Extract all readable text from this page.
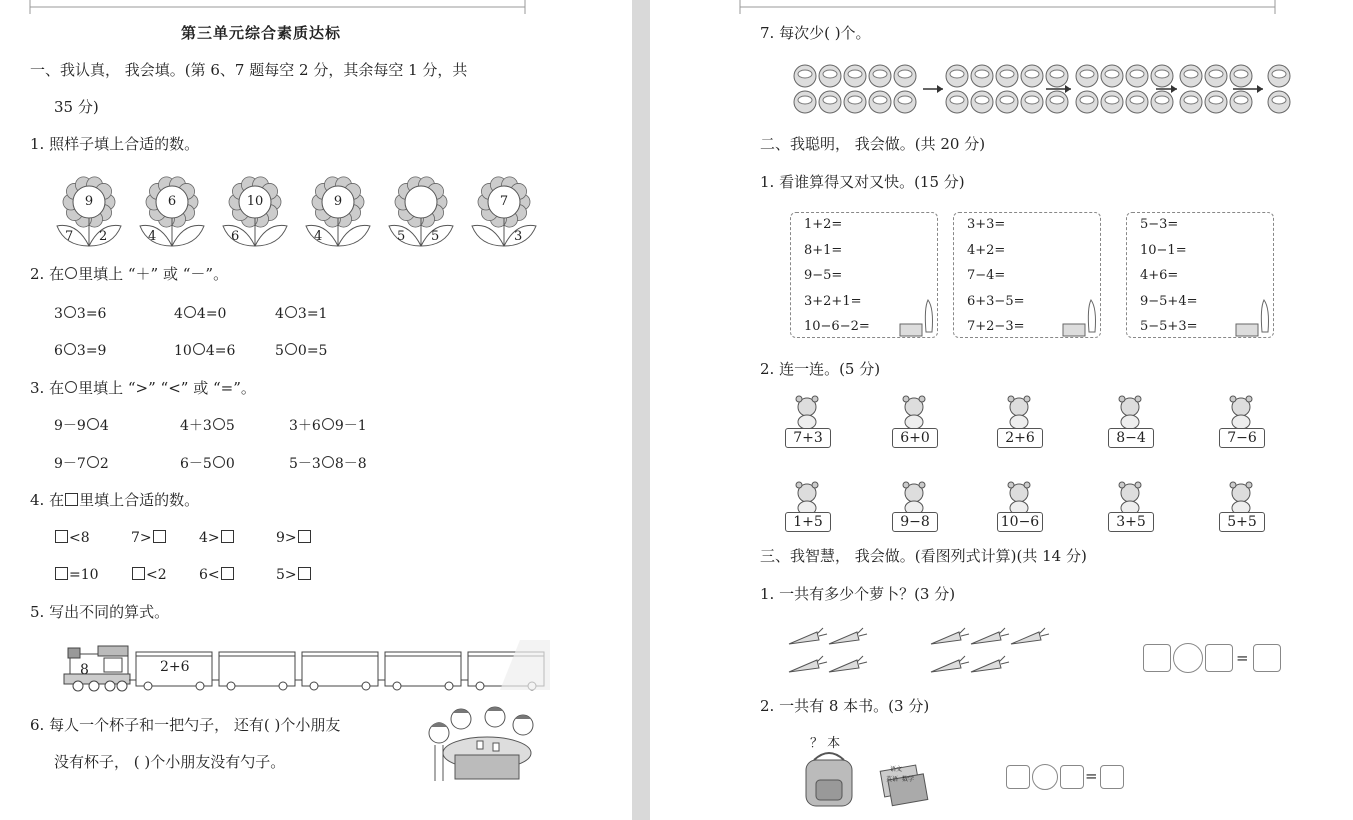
第三单元综合素质达标
一、我认真， 我会填。(第 6、7 题每空 2 分，其余每空 1 分，共
35 分)
1. 照样子填上合适的数。
9
7 2
6
4
10
6
9
4	5 5
7
3
2. 在 里填上 “＋” 或 “－”。
3 3=6	4 4=0	4 3=1
6 3=9	10 4=6	5 0=5
3. 在 里填上 “>” “<” 或 “=”。
9－9 4	4＋3 5	3＋6 9－1
9－7 2	6－5 0	5－3 8－8
4. 在 里填上合适的数。
<8	7>	4>	9>
=10	<2 6<	5>
5. 写出不同的算式。
8	2+6
6. 每人一个杯子和一把勺子， 还有( )个小朋友
没有杯子， ( )个小朋友没有勺子。
7. 每次少( )个。
二、我聪明， 我会做。(共 20 分)
1. 看谁算得又对又快。(15 分)
1+2=
8+1=
9−5=
3+2+1=
10−6−2=
3+3=
4+2=
7−4=
6+3−5=
7+2−3=
5−3=
10−1=
4+6=
9−5+4=
5−5+3=
2. 连一连。(5 分)
7+3	6+0	2+6	8−4	7−6
1+5	9−8	10−6	3+5	5+5
三、我智慧， 我会做。(看图列式计算)(共 14 分)
1. 一共有多少个萝卜？(3 分)
=
2. 一共有 8 本书。(3 分)
？ 本
语文
英语 数学	=
